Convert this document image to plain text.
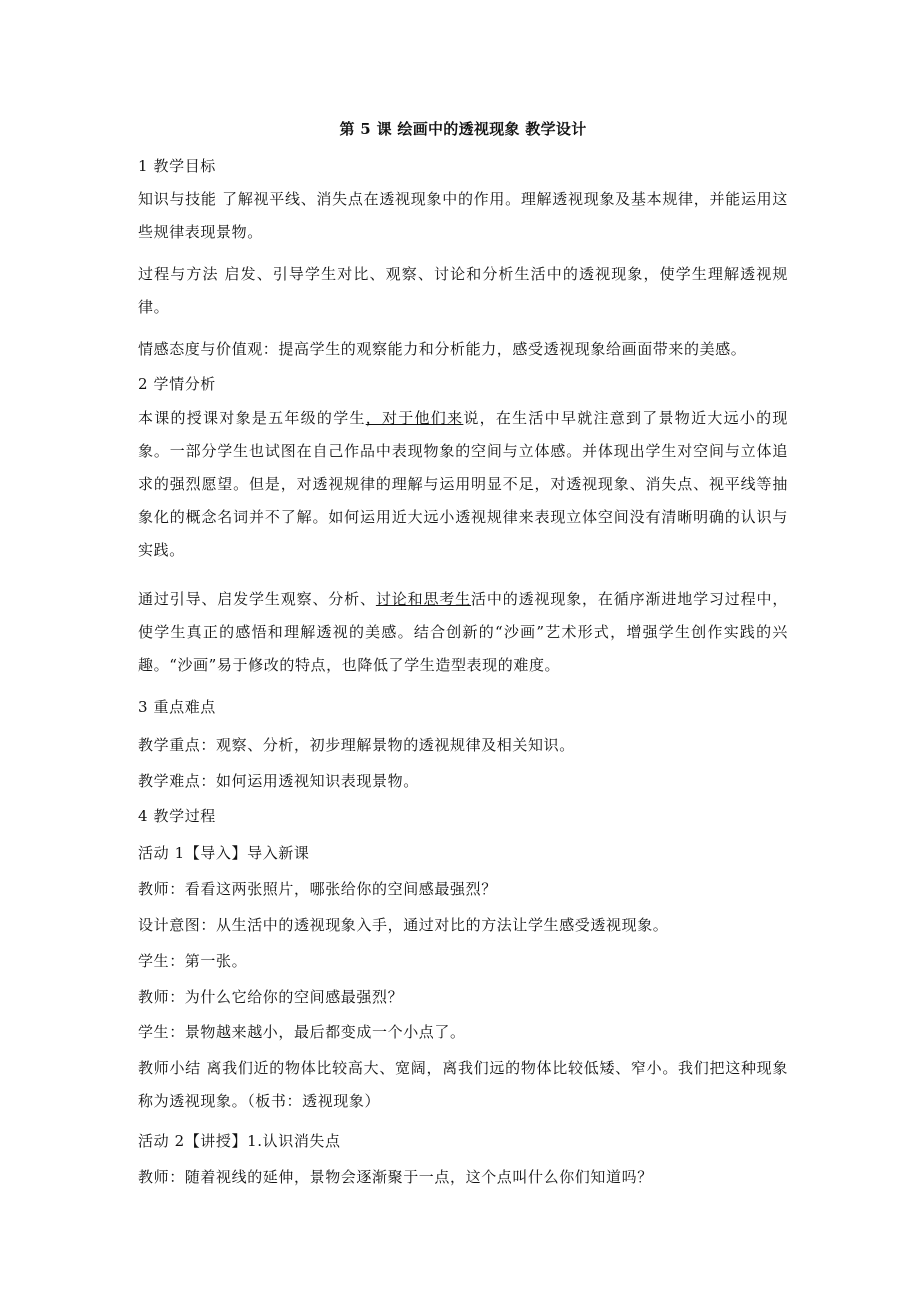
第 5 课 绘画中的透视现象 教学设计

1 教学目标

知识与技能 了解视平线、消失点在透视现象中的作用。理解透视现象及基本规律，并能运用这些规律表现景物。

过程与方法 启发、引导学生对比、观察、讨论和分析生活中的透视现象，使学生理解透视规律。

情感态度与价值观：提高学生的观察能力和分析能力，感受透视现象给画面带来的美感。

2 学情分析

本课的授课对象是五年级的学生，对于他们来说，在生活中早就注意到了景物近大远小的现象。一部分学生也试图在自己作品中表现物象的空间与立体感。并体现出学生对空间与立体追求的强烈愿望。但是，对透视规律的理解与运用明显不足，对透视现象、消失点、视平线等抽象化的概念名词并不了解。如何运用近大远小透视规律来表现立体空间没有清晰明确的认识与实践。

通过引导、启发学生观察、分析、讨论和思考生活中的透视现象，在循序渐进地学习过程中，使学生真正的感悟和理解透视的美感。结合创新的“沙画”艺术形式，增强学生创作实践的兴趣。“沙画”易于修改的特点，也降低了学生造型表现的难度。

3 重点难点

教学重点：观察、分析，初步理解景物的透视规律及相关知识。

教学难点：如何运用透视知识表现景物。

4 教学过程

活动 1【导入】导入新课

教师：看看这两张照片，哪张给你的空间感最强烈？

设计意图：从生活中的透视现象入手，通过对比的方法让学生感受透视现象。

学生：第一张。

教师：为什么它给你的空间感最强烈？

学生：景物越来越小，最后都变成一个小点了。

教师小结 离我们近的物体比较高大、宽阔，离我们远的物体比较低矮、窄小。我们把这种现象称为透视现象。（板书：透视现象）

活动 2【讲授】1.认识消失点

教师：随着视线的延伸，景物会逐渐聚于一点，这个点叫什么你们知道吗？
